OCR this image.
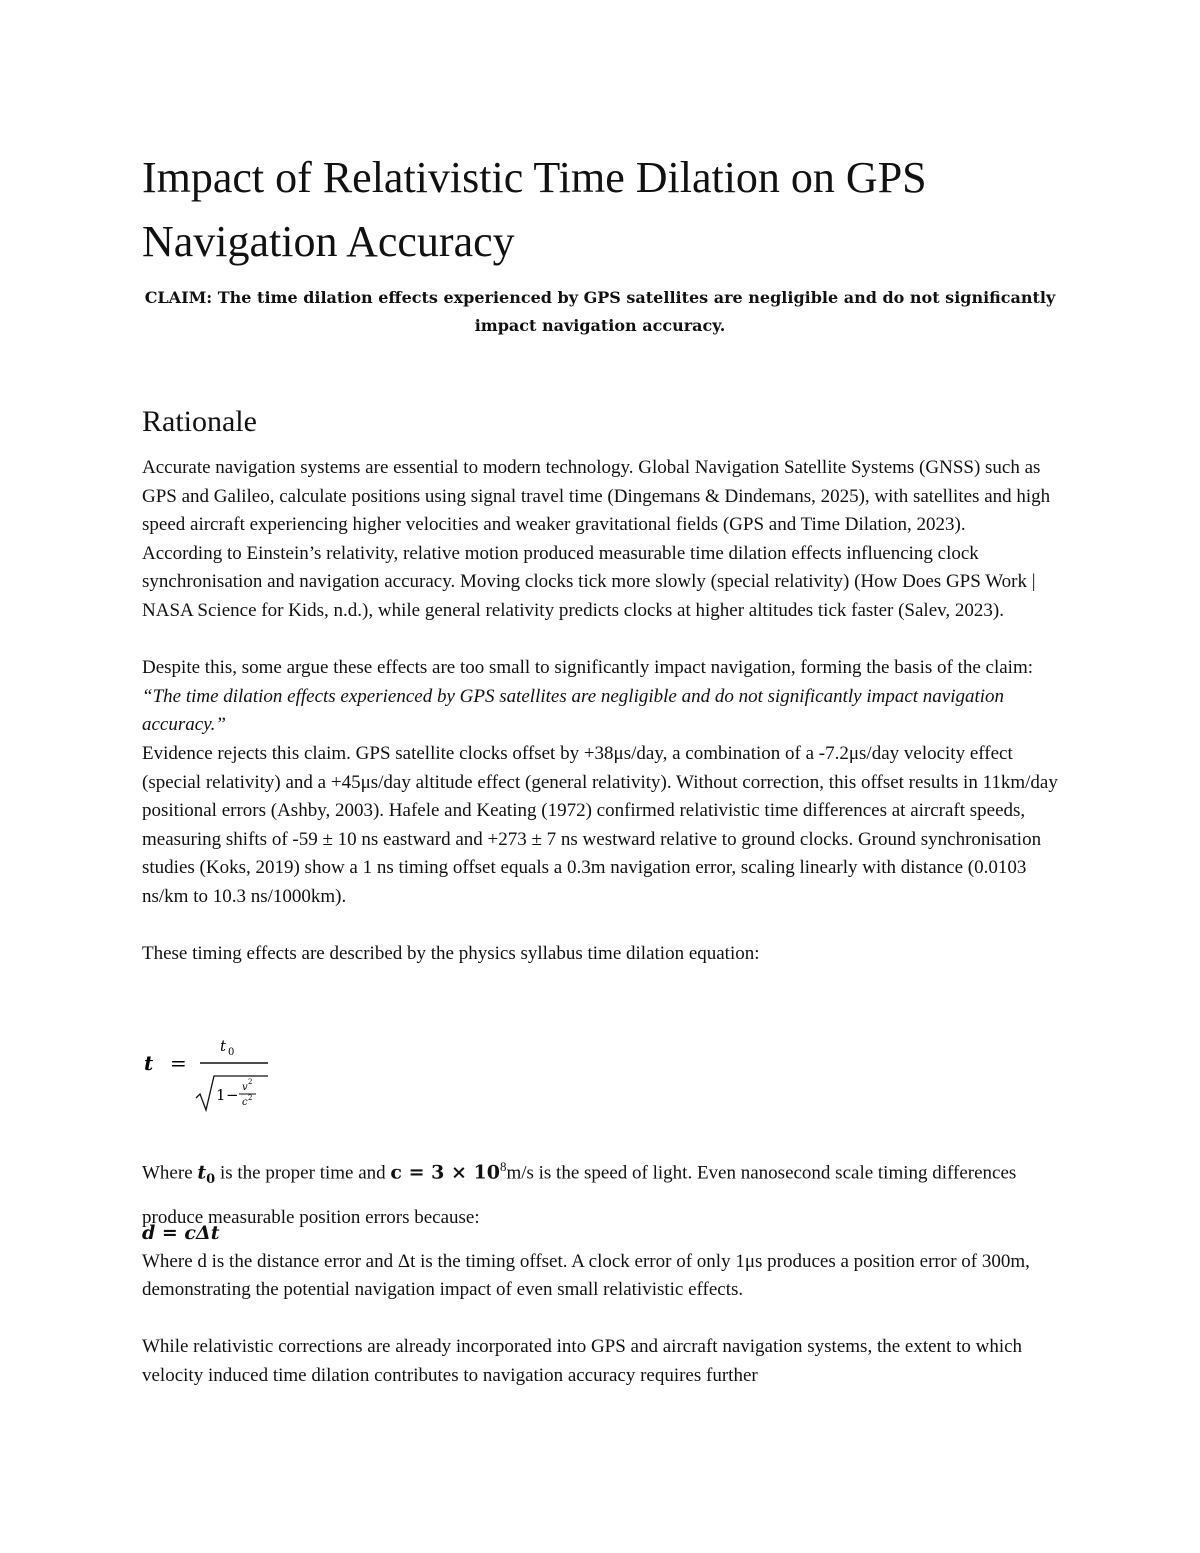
Impact of Relativistic Time Dilation on GPS Navigation Accuracy
CLAIM: The time dilation effects experienced by GPS satellites are negligible and do not significantly impact navigation accuracy.
Rationale

Accurate navigation systems are essential to modern technology. Global Navigation Satellite Systems (GNSS) such as GPS and Galileo, calculate positions using signal travel time (Dingemans & Dindemans, 2025), with satellites and high speed aircraft experiencing higher velocities and weaker gravitational fields (GPS and Time Dilation, 2023).

According to Einstein’s relativity, relative motion produced measurable time dilation effects influencing clock synchronisation and navigation accuracy. Moving clocks tick more slowly (special relativity) (How Does GPS Work | NASA Science for Kids, n.d.), while general relativity predicts clocks at higher altitudes tick faster (Salev, 2023).

Despite this, some argue these effects are too small to significantly impact navigation, forming the basis of the claim: “The time dilation effects experienced by GPS satellites are negligible and do not significantly impact navigation accuracy.”

Evidence rejects this claim. GPS satellite clocks offset by +38μs/day, a combination of a -7.2μs/day velocity effect (special relativity) and a +45μs/day altitude effect (general relativity). Without correction, this offset results in 11km/day positional errors (Ashby, 2003). Hafele and Keating (1972) confirmed relativistic time differences at aircraft speeds, measuring shifts of -59 ± 10 ns eastward and +273 ± 7 ns westward relative to ground clocks. Ground synchronisation studies (Koks, 2019) show a 1 ns timing offset equals a 0.3m navigation error, scaling linearly with distance (0.0103 ns/km to 10.3 ns/1000km).

These timing effects are described by the physics syllabus time dilation equation:

t =
t 0
1 − v 2
c 2

Where $t_0$ is the proper time and $c = 3 \times 10^8m/s$ is the speed of light. Even nanosecond scale timing differences produce measurable position errors because:

d = cΔt

Where d is the distance error and Δt is the timing offset. A clock error of only 1μs produces a position error of 300m, demonstrating the potential navigation impact of even small relativistic effects.

While relativistic corrections are already incorporated into GPS and aircraft navigation systems, the extent to which velocity induced time dilation contributes to navigation accuracy requires further
